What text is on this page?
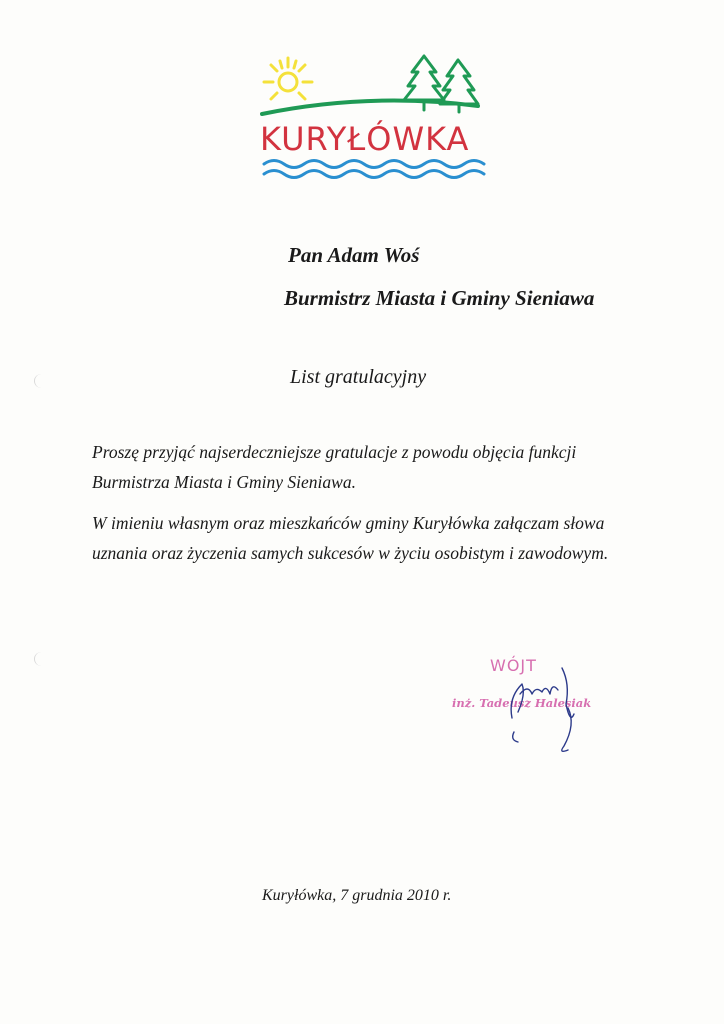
KURYŁÓWKA
Pan Adam Woś
Burmistrz Miasta i Gminy Sieniawa
List gratulacyjny
Proszę przyjąć najserdeczniejsze gratulacje z powodu objęcia funkcji
Burmistrza Miasta i Gminy Sieniawa.
W imieniu własnym oraz mieszkańców gminy Kuryłówka załączam słowa uznania oraz życzenia samych sukcesów w życiu osobistym i zawodowym.
WÓJT
inż. Tadeusz Halesiak
Kuryłówka, 7 grudnia 2010 r.
